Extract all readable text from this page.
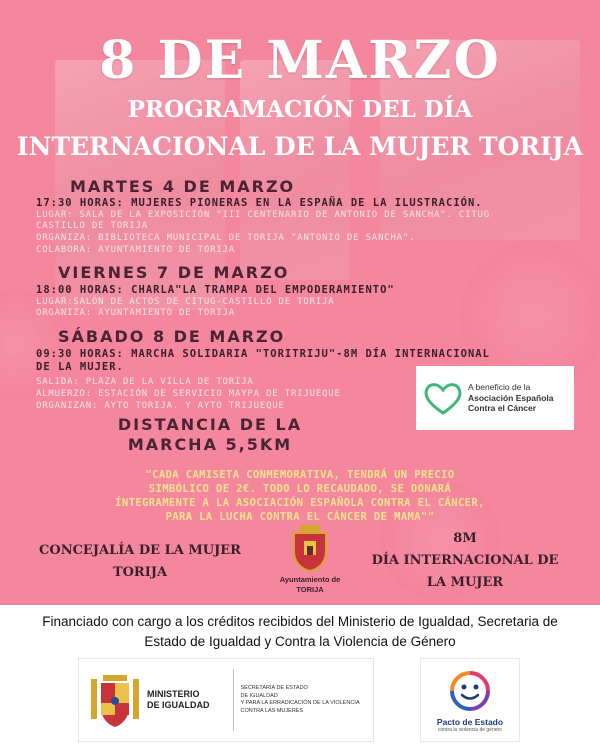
8 DE MARZO
PROGRAMACIÓN DEL DÍA
INTERNACIONAL DE LA MUJER TORIJA
MARTES 4 DE MARZO
17:30 HORAS: MUJERES PIONERAS EN LA ESPAÑA DE LA ILUSTRACIÓN.
LUGAR: SALA DE LA EXPOSICIÓN "III CENTENARIO DE ANTONIO DE SANCHA". CITUG
CASTILLO DE TORIJA
ORGANIZA: BIBLIOTECA MUNICIPAL DE TORIJA "ANTONIO DE SANCHA".
COLABORA: AYUNTAMIENTO DE TORIJA
VIERNES 7 DE MARZO
18:00 HORAS: CHARLA"LA TRAMPA DEL EMPODERAMIENTO"
LUGAR:SALÓN DE ACTOS DE CITUG-CASTILLO DE TORIJA
ORGANIZA: AYUNTAMIENTO DE TORIJA
SÁBADO 8 DE MARZO
09:30 HORAS: MARCHA SOLIDARIA "TORITRIJU"-8M DÍA INTERNACIONAL
DE LA MUJER.
SALIDA: PLAZA DE LA VILLA DE TORIJA
ALMUERZO: ESTACIÓN DE SERVICIO MAYPA DE TRIJUEQUE
ORGANIZAN: AYTO TORIJA. Y AYTO TRIJUEQUE
A beneficio de la
Asociación Española
Contra el Cáncer
DISTANCIA DE LA
MARCHA 5,5KM
"CADA CAMISETA CONMEMORATIVA, TENDRÁ UN PRECIO
SIMBÓLICO DE 2€. TODO LO RECAUDADO, SE DONARÁ
ÍNTEGRAMENTE A LA ASOCIACIÓN ESPAÑOLA CONTRA EL CÁNCER,
PARA LA LUCHA CONTRA EL CÁNCER DE MAMA""
CONCEJALÍA DE LA MUJER
TORIJA	Ayuntamiento de
TORIJA
8M
DÍA INTERNACIONAL DE
LA MUJER
Financiado con cargo a los créditos recibidos del Ministerio de Igualdad, Secretaria de
Estado de Igualdad y Contra la Violencia de Género
MINISTERIO
DE IGUALDAD
SECRETARÍA DE ESTADO
DE IGUALDAD
Y PARA LA ERRADICACIÓN DE LA VIOLENCIA
CONTRA LAS MUJERES
Pacto de Estado
contra la violencia de género
